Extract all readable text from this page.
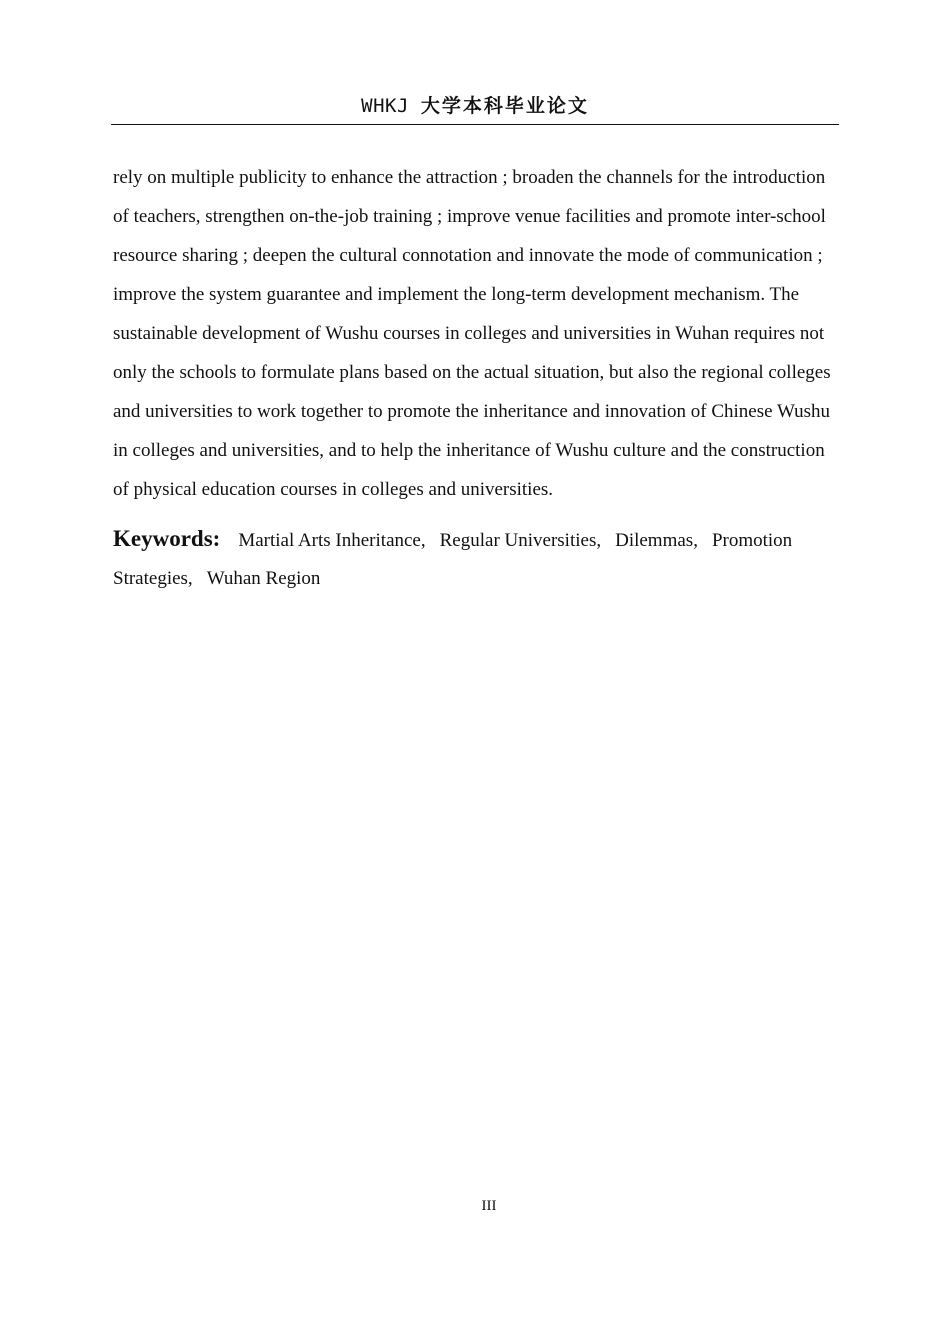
WHKJ 大学本科毕业论文
rely on multiple publicity to enhance the attraction ; broaden the channels for the introduction
of teachers, strengthen on-the-job training ; improve venue facilities and promote inter-school
resource sharing ; deepen the cultural connotation and innovate the mode of communication ;
improve the system guarantee and implement the long-term development mechanism. The
sustainable development of Wushu courses in colleges and universities in Wuhan requires not
only the schools to formulate plans based on the actual situation, but also the regional colleges
and universities to work together to promote the inheritance and innovation of Chinese Wushu
in colleges and universities, and to help the inheritance of Wushu culture and the construction
of physical education courses in colleges and universities.
Keywords: Martial Arts Inheritance, Regular Universities, Dilemmas, Promotion Strategies, Wuhan Region
III
